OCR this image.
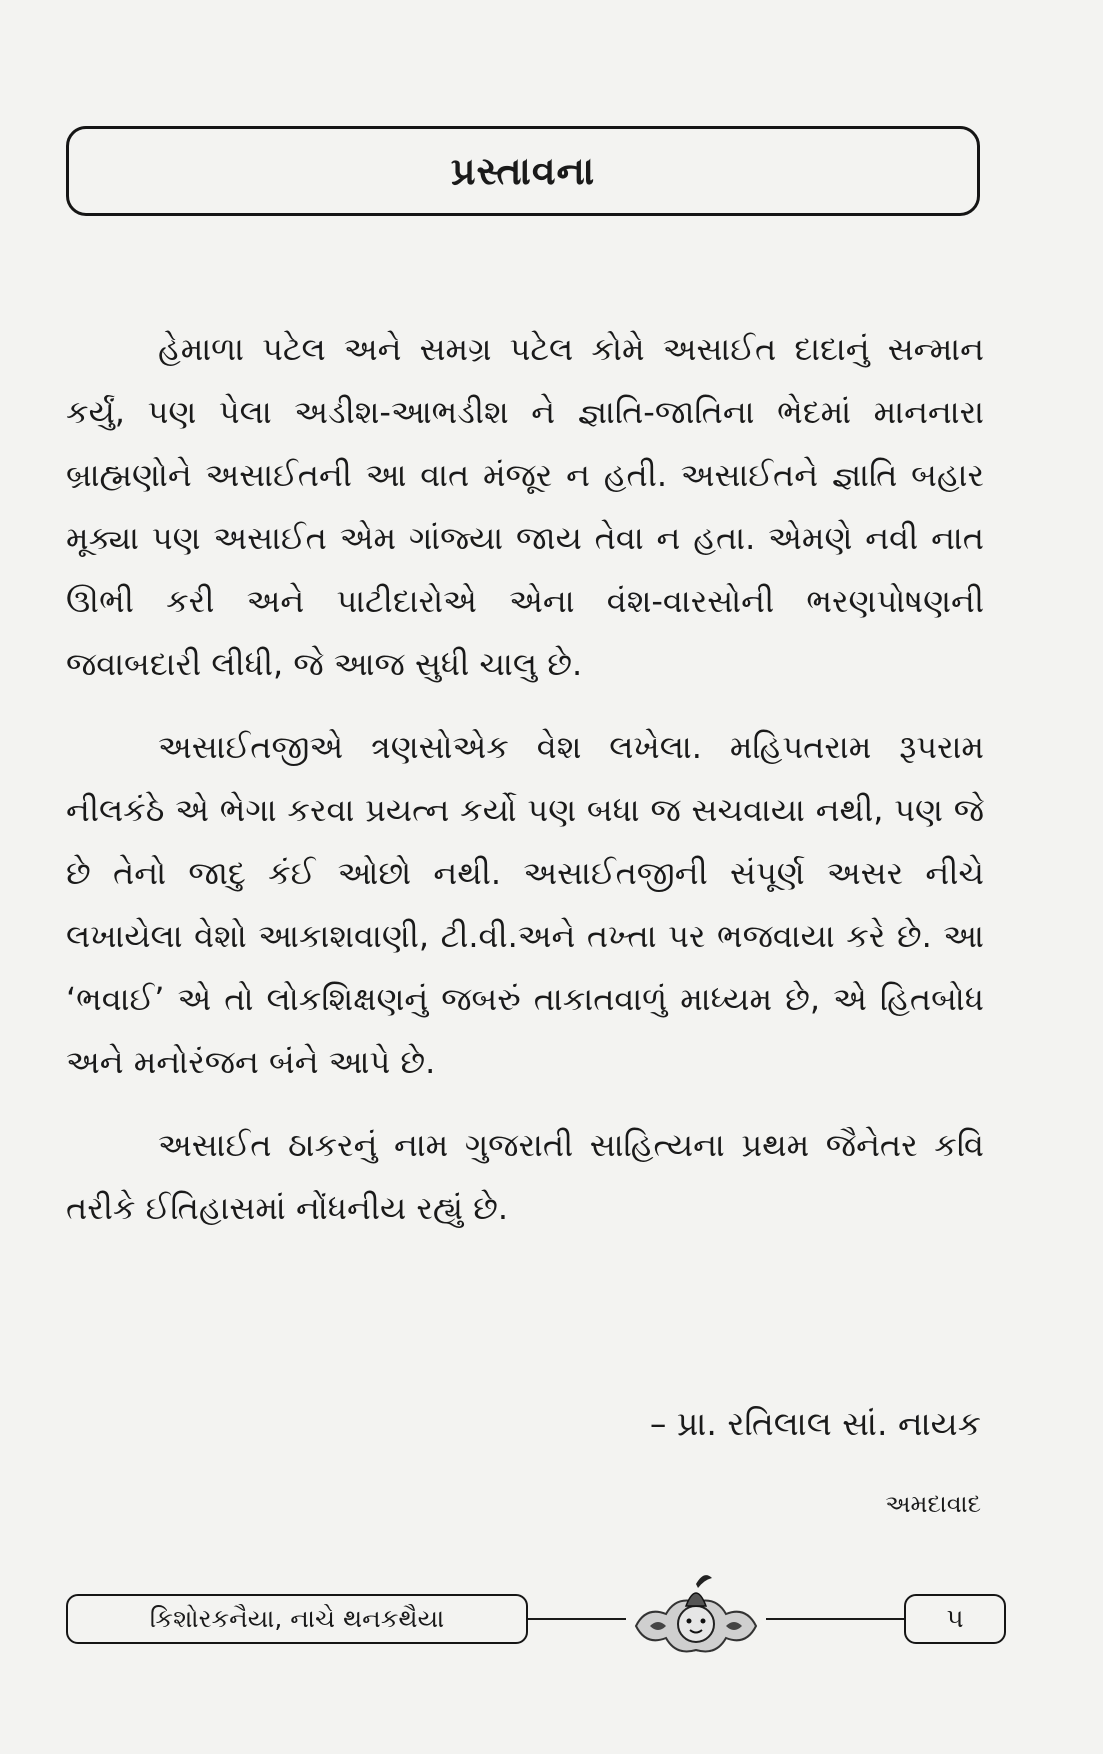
પ્રસ્તાવના

હેમાળા પટેલ અને સમગ્ર પટેલ કોમે અસાઈત દાદાનું સન્માન કર્યું, પણ પેલા અડીશ-આભડીશ ને જ્ઞાતિ-જાતિના ભેદમાં માનનારા બ્રાહ્મણોને અસાઈતની આ વાત મંજૂર ન હતી. અસાઈતને જ્ઞાતિ બહાર મૂક્યા પણ અસાઈત એમ ગાંજ્યા જાય તેવા ન હતા. એમણે નવી નાત ઊભી કરી અને પાટીદારોએ એના વંશ-વારસોની ભરણપોષણની જવાબદારી લીધી, જે આજ સુધી ચાલુ છે.

અસાઈતજીએ ત્રણસોએક વેશ લખેલા. મહિપતરામ રૂપરામ નીલકંઠે એ ભેગા કરવા પ્રયત્ન કર્યો પણ બધા જ સચવાયા નથી, પણ જે છે તેનો જાદુ કંઈ ઓછો નથી. અસાઈતજીની સંપૂર્ણ અસર નીચે લખાયેલા વેશો આકાશવાણી, ટી.વી.અને તખ્તા પર ભજવાયા કરે છે. આ ‘ભવાઈ’ એ તો લોકશિક્ષણનું જબરું તાકાતવાળું માધ્યમ છે, એ હિતબોધ અને મનોરંજન બંને આપે છે.

અસાઈત ઠાકરનું નામ ગુજરાતી સાહિત્યના પ્રથમ જૈનેતર કવિ તરીકે ઈતિહાસમાં નોંધનીય રહ્યું છે.

– પ્રા. રતિલાલ સાં. નાયક
અમદાવાદ
કિશોરકનૈયા, નાચે થનકથૈયા	૫
